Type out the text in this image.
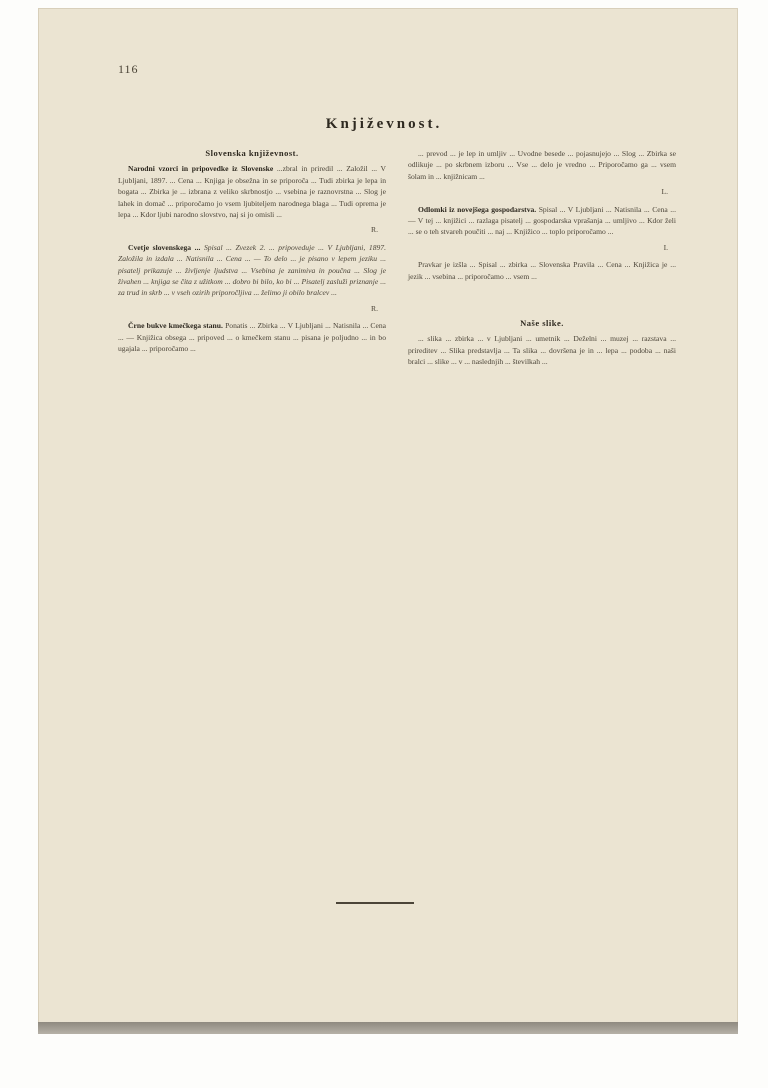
116
Književnost.
Slovenska književnost.

Narodni vzorci in pripovedke iz Slovenske ...zbral in priredil ... Založil ... V Ljubljani, 1897. ... Cena ... Knjiga je obsežna in se priporoča ... Tudi zbirka je lepa in bogata ... Zbirka je ... izbrana z veliko skrbnostjo ... vsebina je raznovrstna ... Slog je lahek in domač ... priporočamo jo vsem ljubiteljem narodnega blaga ... Tudi oprema je lepa ... Kdor ljubi narodno slovstvo, naj si jo omisli ...

R.

Cvetje slovenskega ... Spisal ... Zvezek 2. ... pripoveduje ... V Ljubljani, 1897. Založila in izdala ... Natisnila ... Cena ... — To delo ... je pisano v lepem jeziku ... pisatelj prikazuje ... življenje ljudstva ... Vsebina je zanimiva in poučna ... Slog je živahen ... knjiga se čita z užitkom ... dobro bi bilo, ko bi ... Pisatelj zasluži priznanje ... za trud in skrb ... v vseh ozirih priporočljiva ... želimo ji obilo bralcev ...

R.

Črne bukve kmečkega stanu. Ponatis ... Zbirka ... V Ljubljani ... Natisnila ... Cena ... — Knjižica obsega ... pripoved ... o kmečkem stanu ... pisana je poljudno ... in bo ugajala ... priporočamo ...

... prevod ... je lep in umljiv ... Uvodne besede ... pojasnujejo ... Slog ... Zbirka se odlikuje ... po skrbnem izboru ... Vse ... delo je vredno ... Priporočamo ga ... vsem šolam in ... knjižnicam ...

L.

Odlomki iz novejšega gospodarstva. Spisal ... V Ljubljani ... Natisnila ... Cena ... — V tej ... knjižici ... razlaga pisatelj ... gospodarska vprašanja ... umljivo ... Kdor želi ... se o teh stvareh poučiti ... naj ... Knjižico ... toplo priporočamo ...

I.

Pravkar je izšla ... Spisal ... zbirka ... Slovenska Pravila ... Cena ... Knjižica je ... jezik ... vsebina ... priporočamo ... vsem ...

Naše slike.

... slika ... zbirka ... v Ljubljani ... umetnik ... Deželni ... muzej ... razstava ... prireditev ... Slika predstavlja ... Ta slika ... dovršena je in ... lepa ... podoba ... naši bralci ... slike ... v ... naslednjih ... številkah ...
